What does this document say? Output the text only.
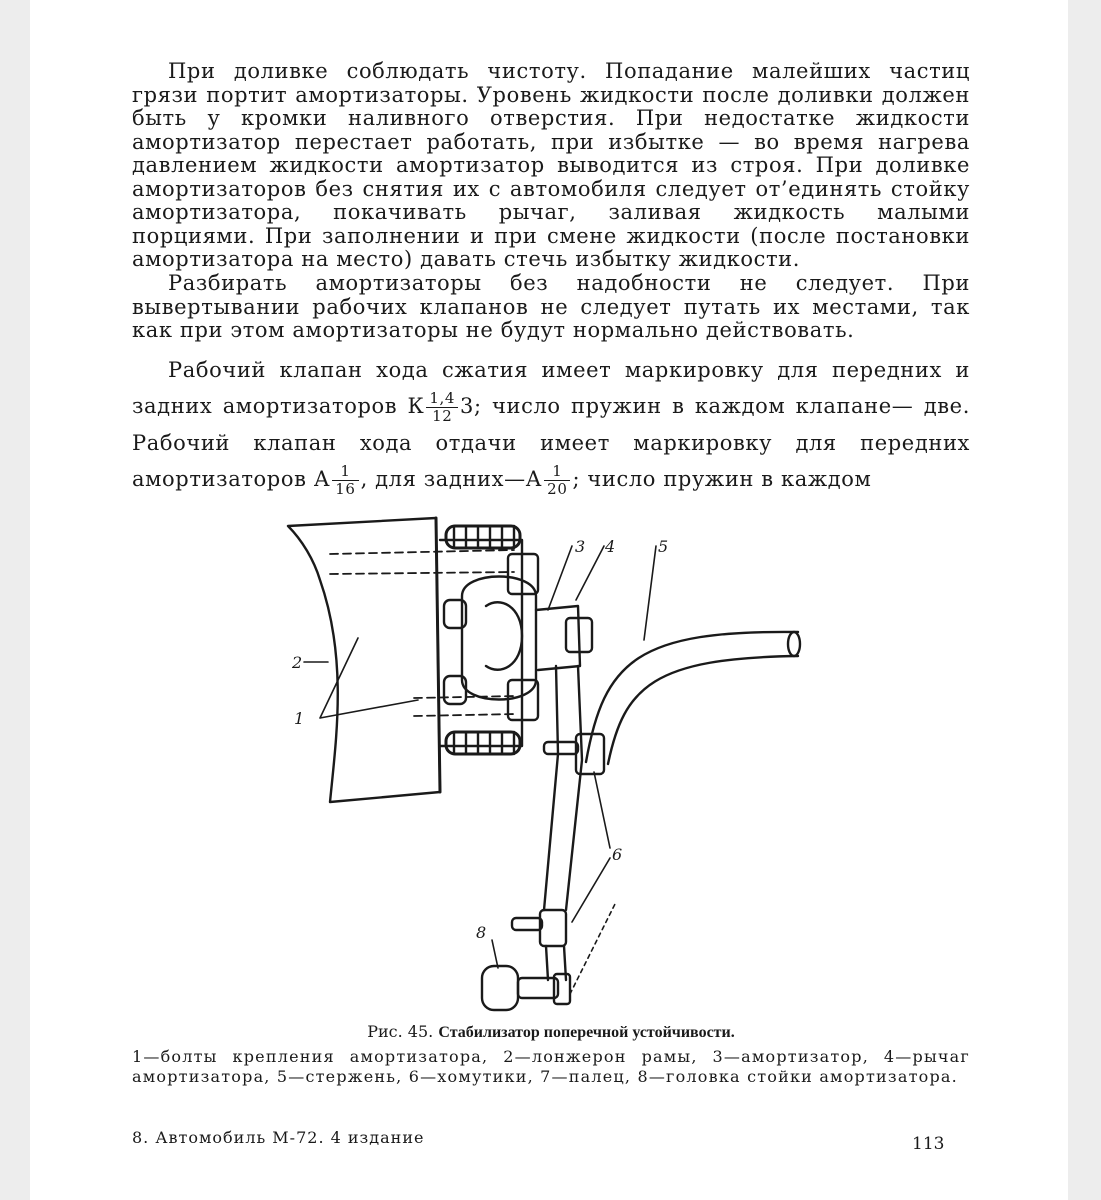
При доливке соблюдать чистоту. Попадание малейших частиц грязи портит амортизаторы. Уровень жидкости после доливки должен быть у кромки наливного отверстия. При недостатке жидкости амортизатор перестает работать, при избытке — во время нагрева давлением жидкости амортизатор выводится из строя. При доливке амортизаторов без снятия их с автомобиля следует от’единять стойку амортизатора, покачивать рычаг, заливая жидкость малыми порциями. При заполнении и при смене жидкости (после постановки амортизатора на место) давать стечь избытку жидкости.

Разбирать амортизаторы без надобности не следует. При вывертывании рабочих клапанов не следует путать их местами, так как при этом амортизаторы не будут нормально действовать.

Рабочий клапан хода сжатия имеет маркировку для передних и задних амортизаторов К $\frac{1,4}{12} 3$; число пружин в каждом клапане— две. Рабочий клапан хода отдачи имеет маркировку для передних амортизаторов А $\frac{1}{16}$ , для задних—А $\frac{1}{20}$ ; число пружин в каждом

3 4	5
2
1
6
8
Рис. 45. Стабилизатор поперечной устойчивости.
1—болты крепления амортизатора, 2—лонжерон рамы, 3—амортизатор, 4—рычаг амортизатора, 5—стержень, 6—хомутики, 7—палец, 8—головка стойки амортизатора.
8. Автомобиль М-72. 4 издание	113
